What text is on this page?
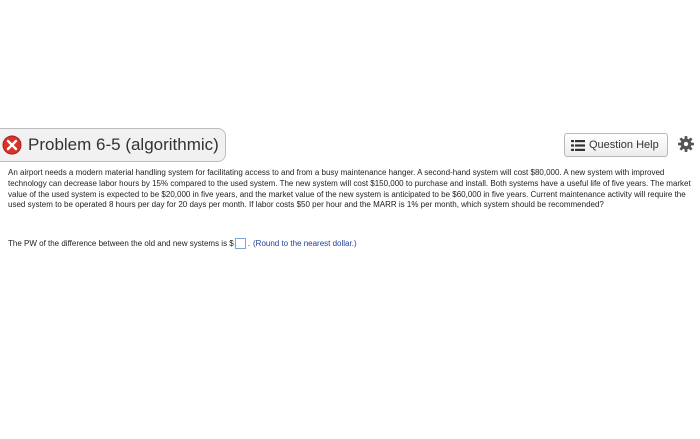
Problem 6-5 (algorithmic)	Question Help

An airport needs a modern material handling system for facilitating access to and from a busy maintenance hanger. A second-hand system will cost $80,000. A new system with improved technology can decrease labor hours by 15% compared to the used system. The new system will cost $150,000 to purchase and install. Both systems have a useful life of five years. The market value of the used system is expected to be $20,000 in five years, and the market value of the new system is anticipated to be $60,000 in five years. Current maintenance activity will require the used system to be operated 8 hours per day for 20 days per month. If labor costs $50 per hour and the MARR is 1% per month, which system should be recommended?

The PW of the difference between the old and new systems is $ . (Round to the nearest dollar.)
